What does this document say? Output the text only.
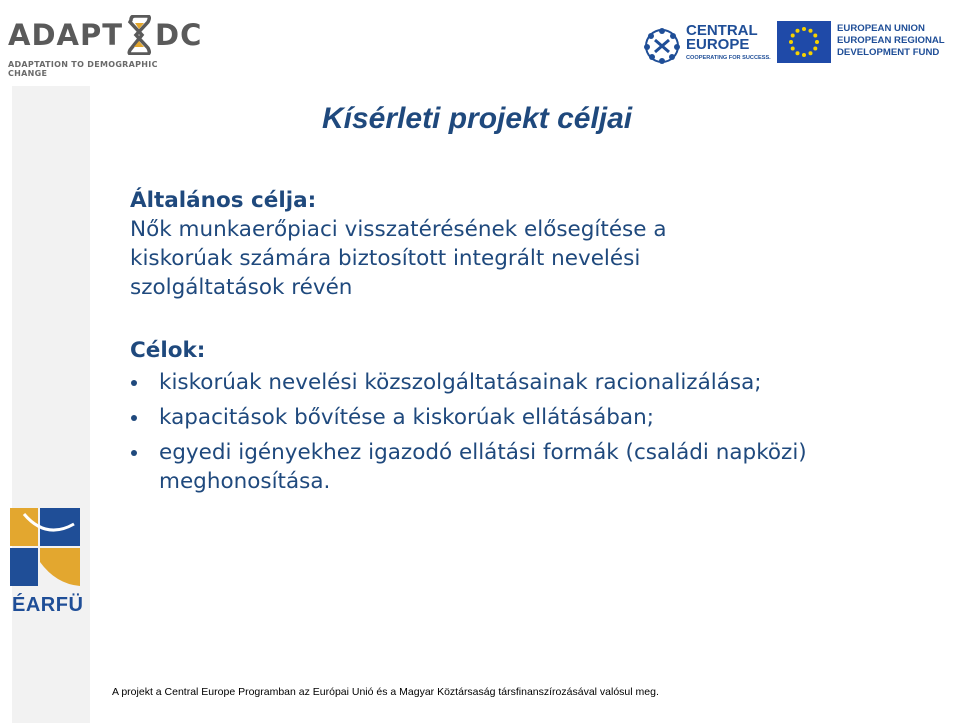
ADAPT DC
ADAPTATION TO DEMOGRAPHIC CHANGE
CENTRAL
EUROPE
COOPERATING FOR SUCCESS.
EUROPEAN UNION
EUROPEAN REGIONAL
DEVELOPMENT FUND
ÉARFÜ
Kísérleti projekt céljai
Általános célja:
Nők munkaerőpiaci visszatérésének elősegítése a
kiskorúak számára biztosított integrált nevelési
szolgáltatások révén
Célok:
kiskorúak nevelési közszolgáltatásainak racionalizálása;
kapacitások bővítése a kiskorúak ellátásában;
egyedi igényekhez igazodó ellátási formák (családi napközi) meghonosítása.
A projekt a Central Europe Programban az Európai Unió és a Magyar Köztársaság társfinanszírozásával valósul meg.
